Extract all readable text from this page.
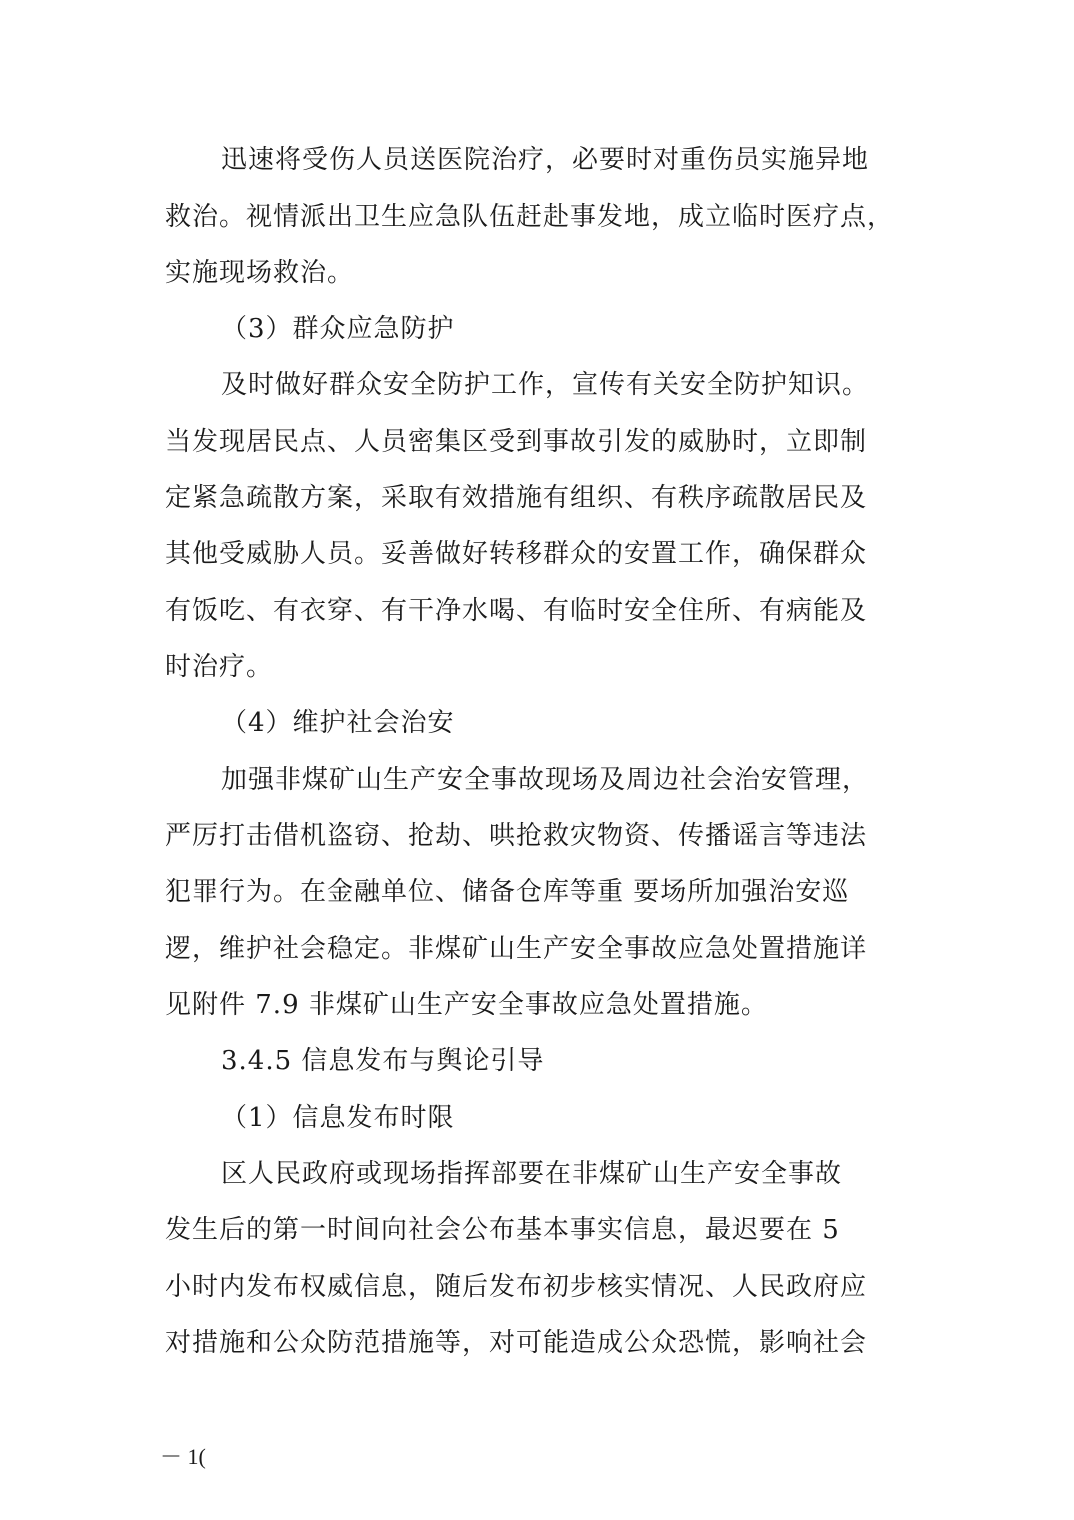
迅速将受伤人员送医院治疗，必要时对重伤员实施异地
救治。视情派出卫生应急队伍赶赴事发地，成立临时医疗点，
实施现场救治。
（3）群众应急防护
及时做好群众安全防护工作，宣传有关安全防护知识。
当发现居民点、人员密集区受到事故引发的威胁时，立即制
定紧急疏散方案，采取有效措施有组织、有秩序疏散居民及
其他受威胁人员。妥善做好转移群众的安置工作，确保群众
有饭吃、有衣穿、有干净水喝、有临时安全住所、有病能及
时治疗。
（4）维护社会治安
加强非煤矿山生产安全事故现场及周边社会治安管理，
严厉打击借机盗窃、抢劫、哄抢救灾物资、传播谣言等违法
犯罪行为。在金融单位、储备仓库等重 要场所加强治安巡
逻，维护社会稳定。非煤矿山生产安全事故应急处置措施详
见附件 7.9 非煤矿山生产安全事故应急处置措施。
3.4.5 信息发布与舆论引导
（1）信息发布时限
区人民政府或现场指挥部要在非煤矿山生产安全事故
发生后的第一时间向社会公布基本事实信息，最迟要在 5
小时内发布权威信息，随后发布初步核实情况、人民政府应
对措施和公众防范措施等，对可能造成公众恐慌，影响社会
－ 1(
